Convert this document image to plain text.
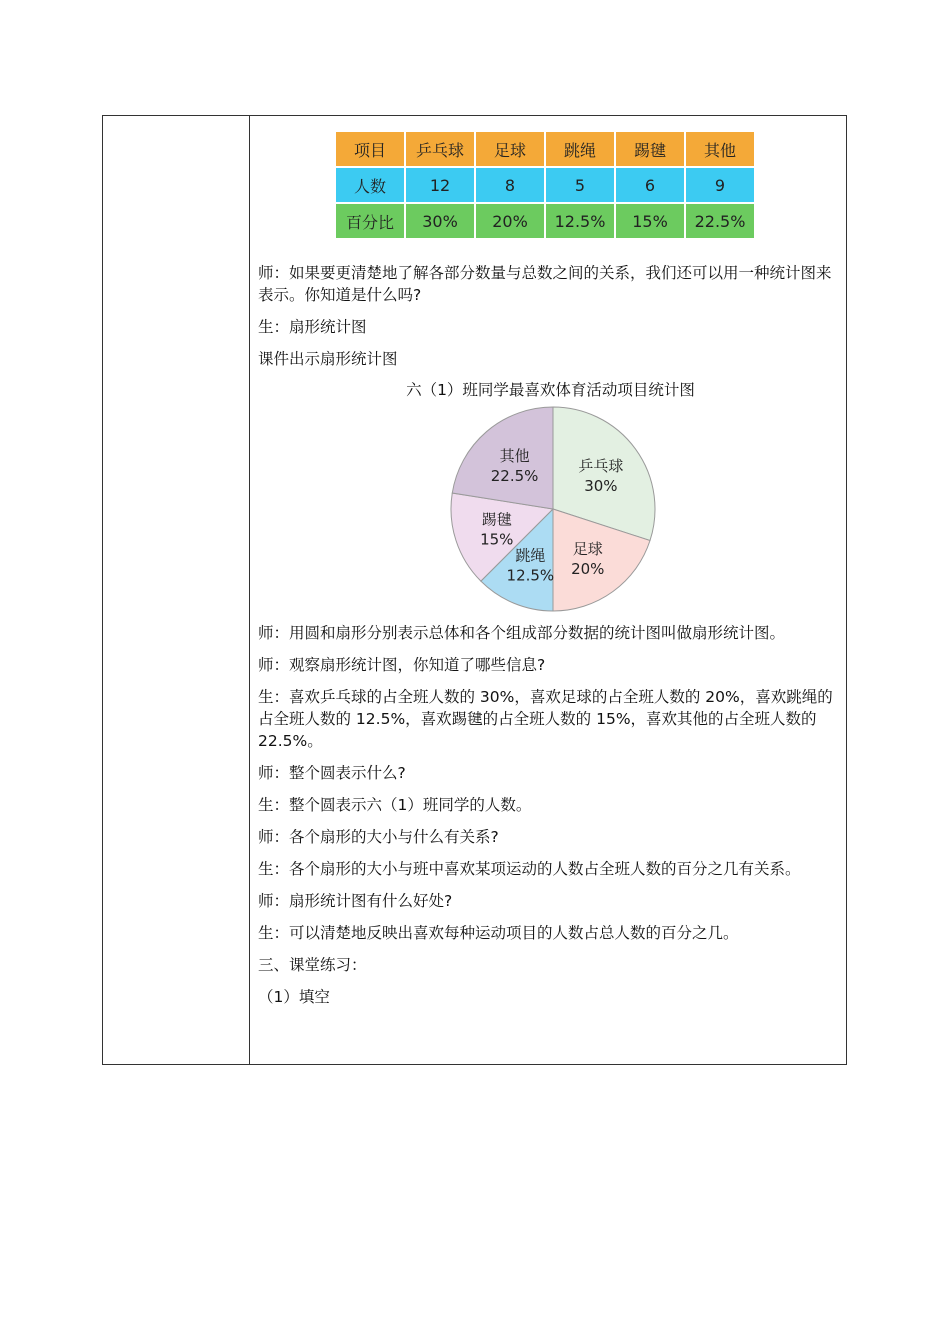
项目	乒乓球	足球	跳绳	踢毽	其他
人数	12	8	5	6	9
百分比	30%	20%	12.5%	15%	22.5%

师：如果要更清楚地了解各部分数量与总数之间的关系，我们还可以用一种统计图来表示。你知道是什么吗?

生：扇形统计图

课件出示扇形统计图

六（1）班同学最喜欢体育活动项目统计图

乒乓球
30%
足球
20%
跳绳
12.5%
踢毽
15%
其他
22.5%

师：用圆和扇形分别表示总体和各个组成部分数据的统计图叫做扇形统计图。

师：观察扇形统计图，你知道了哪些信息?

生：喜欢乒乓球的占全班人数的 30%，喜欢足球的占全班人数的 20%，喜欢跳绳的占全班人数的 12.5%，喜欢踢毽的占全班人数的 15%，喜欢其他的占全班人数的 22.5%。

师：整个圆表示什么?

生：整个圆表示六（1）班同学的人数。

师：各个扇形的大小与什么有关系?

生：各个扇形的大小与班中喜欢某项运动的人数占全班人数的百分之几有关系。

师：扇形统计图有什么好处?

生：可以清楚地反映出喜欢每种运动项目的人数占总人数的百分之几。

三、课堂练习：

（1）填空
